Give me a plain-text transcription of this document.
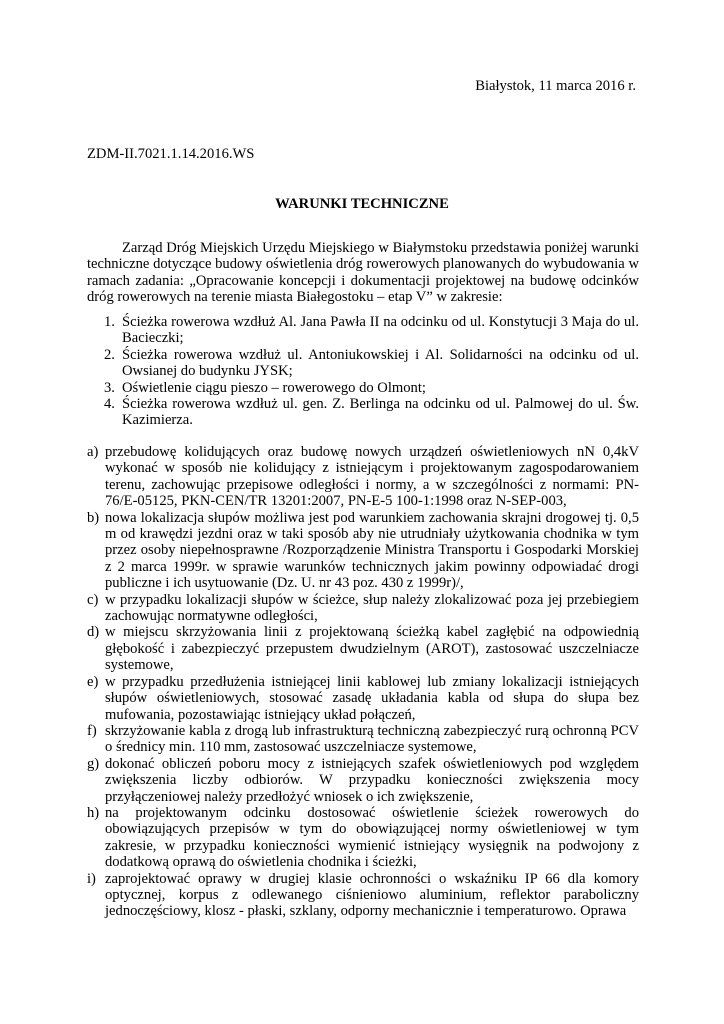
Białystok, 11 marca 2016 r.
ZDM-II.7021.1.14.2016.WS
WARUNKI TECHNICZNE

Zarząd Dróg Miejskich Urzędu Miejskiego w Białymstoku przedstawia poniżej warunki techniczne dotyczące budowy oświetlenia dróg rowerowych planowanych do wybudowania w ramach zadania: „Opracowanie koncepcji i dokumentacji projektowej na budowę odcinków dróg rowerowych na terenie miasta Białegostoku – etap V” w zakresie:

1. Ścieżka rowerowa wzdłuż Al. Jana Pawła II na odcinku od ul. Konstytucji 3 Maja do ul. Bacieczki;
2. Ścieżka rowerowa wzdłuż ul. Antoniukowskiej i Al. Solidarności na odcinku od ul. Owsianej do budynku JYSK;
3. Oświetlenie ciągu pieszo – rowerowego do Olmont;
4. Ścieżka rowerowa wzdłuż ul. gen. Z. Berlinga na odcinku od ul. Palmowej do ul. Św. Kazimierza.
a) przebudowę kolidujących oraz budowę nowych urządzeń oświetleniowych nN 0,4kV wykonać w sposób nie kolidujący z istniejącym i projektowanym zagospodarowaniem terenu, zachowując przepisowe odległości i normy, a w szczególności z normami: PN-76/E-05125, PKN-CEN/TR 13201:2007, PN-E-5 100-1:1998 oraz N-SEP-003,
b) nowa lokalizacja słupów możliwa jest pod warunkiem zachowania skrajni drogowej tj. 0,5 m od krawędzi jezdni oraz w taki sposób aby nie utrudniały użytkowania chodnika w tym przez osoby niepełnosprawne /Rozporządzenie Ministra Transportu i Gospodarki Morskiej z 2 marca 1999r. w sprawie warunków technicznych jakim powinny odpowiadać drogi publiczne i ich usytuowanie (Dz. U. nr 43 poz. 430 z 1999r)/,
c) w przypadku lokalizacji słupów w ścieżce, słup należy zlokalizować poza jej przebiegiem zachowując normatywne odległości,
d) w miejscu skrzyżowania linii z projektowaną ścieżką kabel zagłębić na odpowiednią głębokość i zabezpieczyć przepustem dwudzielnym (AROT), zastosować uszczelniacze systemowe,
e) w przypadku przedłużenia istniejącej linii kablowej lub zmiany lokalizacji istniejących słupów oświetleniowych, stosować zasadę układania kabla od słupa do słupa bez mufowania, pozostawiając istniejący układ połączeń,
f) skrzyżowanie kabla z drogą lub infrastrukturą techniczną zabezpieczyć rurą ochronną PCV o średnicy min. 110 mm, zastosować uszczelniacze systemowe,
g) dokonać obliczeń poboru mocy z istniejących szafek oświetleniowych pod względem zwiększenia liczby odbiorów. W przypadku konieczności zwiększenia mocy przyłączeniowej należy przedłożyć wniosek o ich zwiększenie,
h) na projektowanym odcinku dostosować oświetlenie ścieżek rowerowych do obowiązujących przepisów w tym do obowiązującej normy oświetleniowej w tym zakresie, w przypadku konieczności wymienić istniejący wysięgnik na podwojony z dodatkową oprawą do oświetlenia chodnika i ścieżki,
i) zaprojektować oprawy w drugiej klasie ochronności o wskaźniku IP 66 dla komory optycznej, korpus z odlewanego ciśnieniowo aluminium, reflektor paraboliczny jednoczęściowy, klosz - płaski, szklany, odporny mechanicznie i temperaturowo. Oprawa
